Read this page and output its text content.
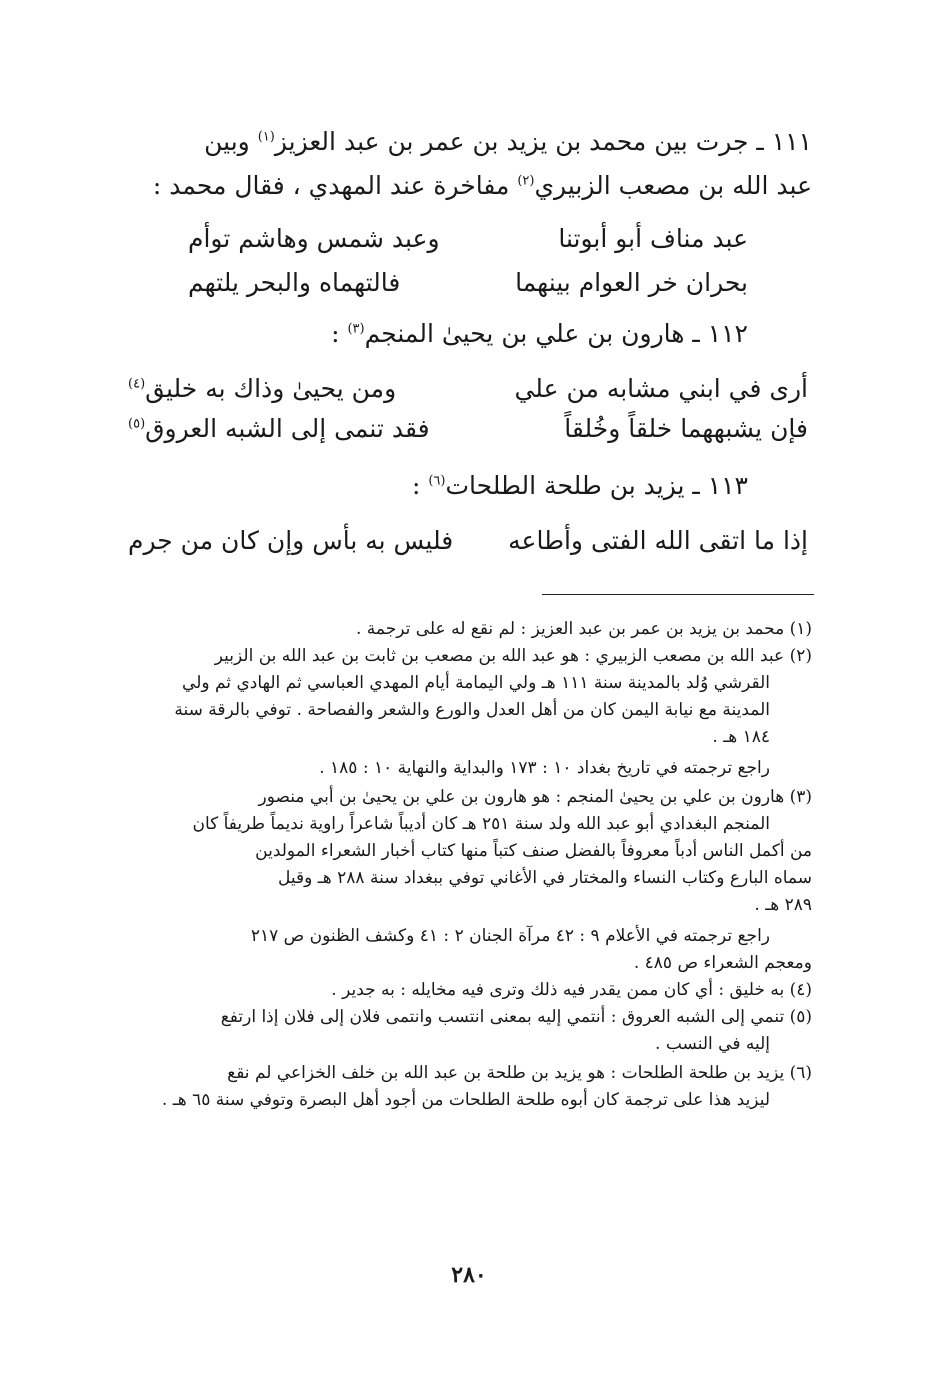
١١١ ـ جرت بين محمد بن يزيد بن عمر بن عبد العزيز$^{(١)}$ وبين
عبد الله بن مصعب الزبيري$^{(٢)}$ مفاخرة عند المهدي ، فقال محمد :
عبد مناف أبو أبوتنا
وعبد شمس وهاشم توأم
بحران خر العوام بينهما
فالتهماه والبحر يلتهم
١١٢ ـ هارون بن علي بن يحيىٰ المنجم$^{(٣)}$ :
أرى في ابني مشابه من علي
ومن يحيىٰ وذاك به خليق$^{(٤)}$
فإن يشبههما خلقاً وخُلقاً
فقد تنمى إلى الشبه العروق$^{(٥)}$
١١٣ ـ يزيد بن طلحة الطلحات$^{(٦)}$ :
إذا ما اتقى الله الفتى وأطاعه
فليس به بأس وإن كان من جرم
(١) محمد بن يزيد بن عمر بن عبد العزيز : لم نقع له على ترجمة .
(٢) عبد الله بن مصعب الزبيري : هو عبد الله بن مصعب بن ثابت بن عبد الله بن الزبير
القرشي وُلد بالمدينة سنة ١١١ هـ ولي اليمامة أيام المهدي العباسي ثم الهادي ثم ولي
المدينة مع نيابة اليمن كان من أهل العدل والورع والشعر والفصاحة . توفي بالرقة سنة
١٨٤ هـ .
راجع ترجمته في تاريخ بغداد ١٠ : ١٧٣ والبداية والنهاية ١٠ : ١٨٥ .
(٣) هارون بن علي بن يحيىٰ المنجم : هو هارون بن علي بن يحيىٰ بن أبي منصور
المنجم البغدادي أبو عبد الله ولد سنة ٢٥١ هـ كان أديباً شاعراً راوية نديماً طريفاً كان
من أكمل الناس أدباً معروفاً بالفضل صنف كتباً منها كتاب أخبار الشعراء المولدين
سماه البارع وكتاب النساء والمختار في الأغاني توفي ببغداد سنة ٢٨٨ هـ وقيل
٢٨٩ هـ .
راجع ترجمته في الأعلام ٩ : ٤٢ مرآة الجنان ٢ : ٤١ وكشف الظنون ص ٢١٧
ومعجم الشعراء ص ٤٨٥ .
(٤) به خليق : أي كان ممن يقدر فيه ذلك وترى فيه مخايله : به جدير .
(٥) تنمي إلى الشبه العروق : أنتمي إليه بمعنى انتسب وانتمى فلان إلى فلان إذا ارتفع
إليه في النسب .
(٦) يزيد بن طلحة الطلحات : هو يزيد بن طلحة بن عبد الله بن خلف الخزاعي لم نقع
ليزيد هذا على ترجمة كان أبوه طلحة الطلحات من أجود أهل البصرة وتوفي سنة ٦٥ هـ .
٢٨٠
